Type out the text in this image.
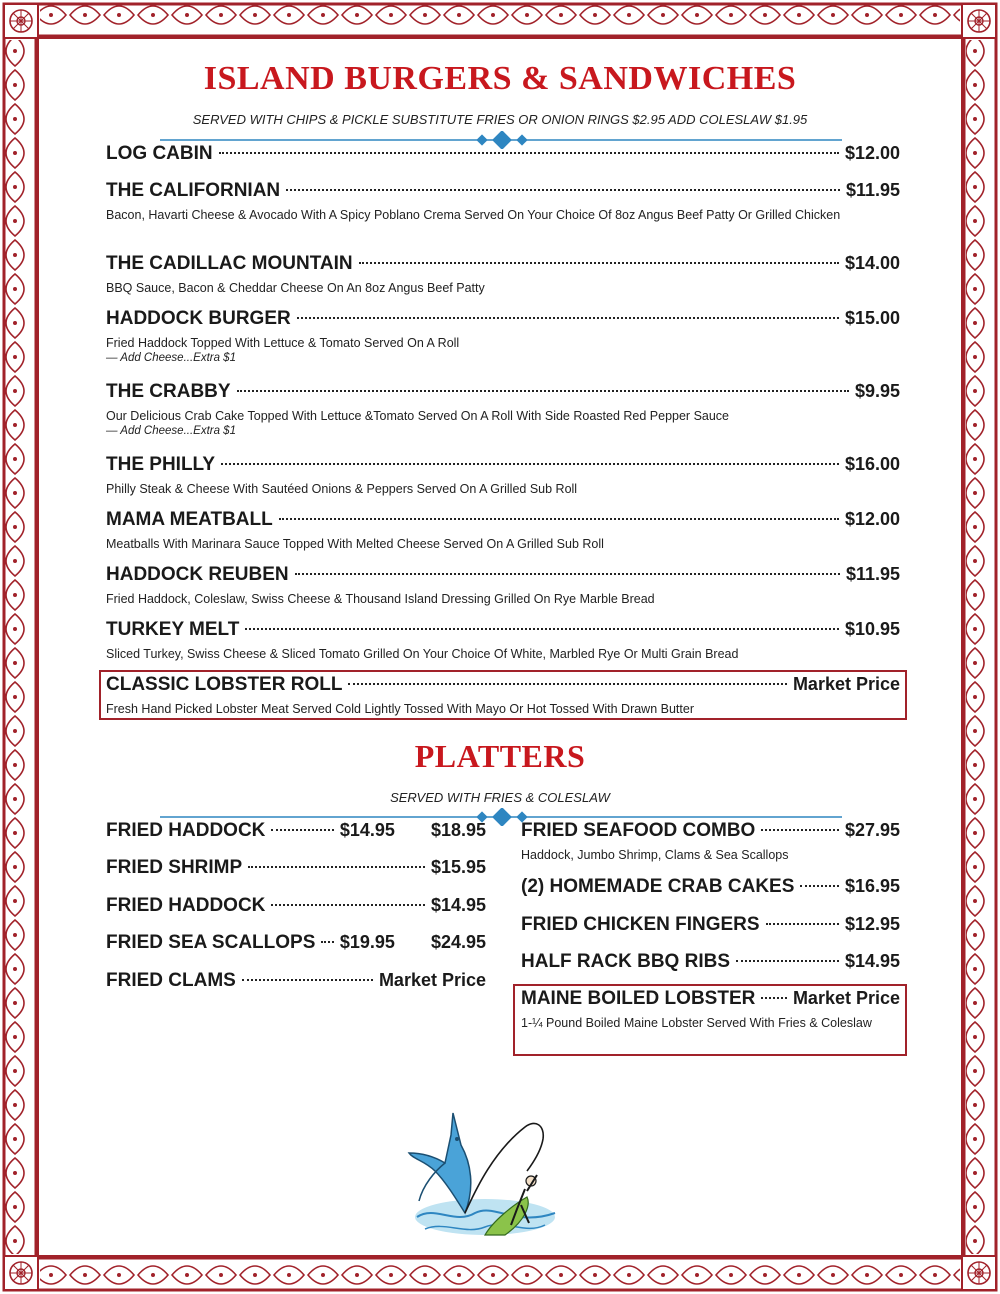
ISLAND BURGERS & SANDWICHES

SERVED WITH CHIPS & PICKLE SUBSTITUTE FRIES OR ONION RINGS $2.95 ADD COLESLAW $1.95

LOG CABIN	$12.00
THE CALIFORNIAN	$11.95
Bacon, Havarti Cheese & Avocado With A Spicy Poblano Crema Served On Your Choice Of 8oz Angus Beef Patty Or Grilled Chicken
THE CADILLAC MOUNTAIN	$14.00
BBQ Sauce, Bacon & Cheddar Cheese On An 8oz Angus Beef Patty
HADDOCK BURGER	$15.00
Fried Haddock Topped With Lettuce & Tomato Served On A Roll
— Add Cheese...Extra $1
THE CRABBY	$9.95
Our Delicious Crab Cake Topped With Lettuce &Tomato Served On A Roll With Side Roasted Red Pepper Sauce
— Add Cheese...Extra $1
THE PHILLY	$16.00
Philly Steak & Cheese With Sautéed Onions & Peppers Served On A Grilled Sub Roll
MAMA MEATBALL	$12.00
Meatballs With Marinara Sauce Topped With Melted Cheese Served On A Grilled Sub Roll
HADDOCK REUBEN	$11.95
Fried Haddock, Coleslaw, Swiss Cheese & Thousand Island Dressing Grilled On Rye Marble Bread
TURKEY MELT	$10.95
Sliced Turkey, Swiss Cheese & Sliced Tomato Grilled On Your Choice Of White, Marbled Rye Or Multi Grain Bread
CLASSIC LOBSTER ROLL	Market Price
Fresh Hand Picked Lobster Meat Served Cold Lightly Tossed With Mayo Or Hot Tossed With Drawn Butter
PLATTERS

SERVED WITH FRIES & COLESLAW

FRIED HADDOCK	$14.95 $18.95
FRIED SHRIMP	$15.95
FRIED HADDOCK	$14.95
FRIED SEA SCALLOPS $19.95 $24.95
FRIED CLAMS	Market Price
FRIED SEAFOOD COMBO	$27.95
Haddock, Jumbo Shrimp, Clams & Sea Scallops
(2) HOMEMADE CRAB CAKES	$16.95
FRIED CHICKEN FINGERS	$12.95
HALF RACK BBQ RIBS	$14.95
MAINE BOILED LOBSTER Market Price
1-¼ Pound Boiled Maine Lobster Served With Fries & Coleslaw
